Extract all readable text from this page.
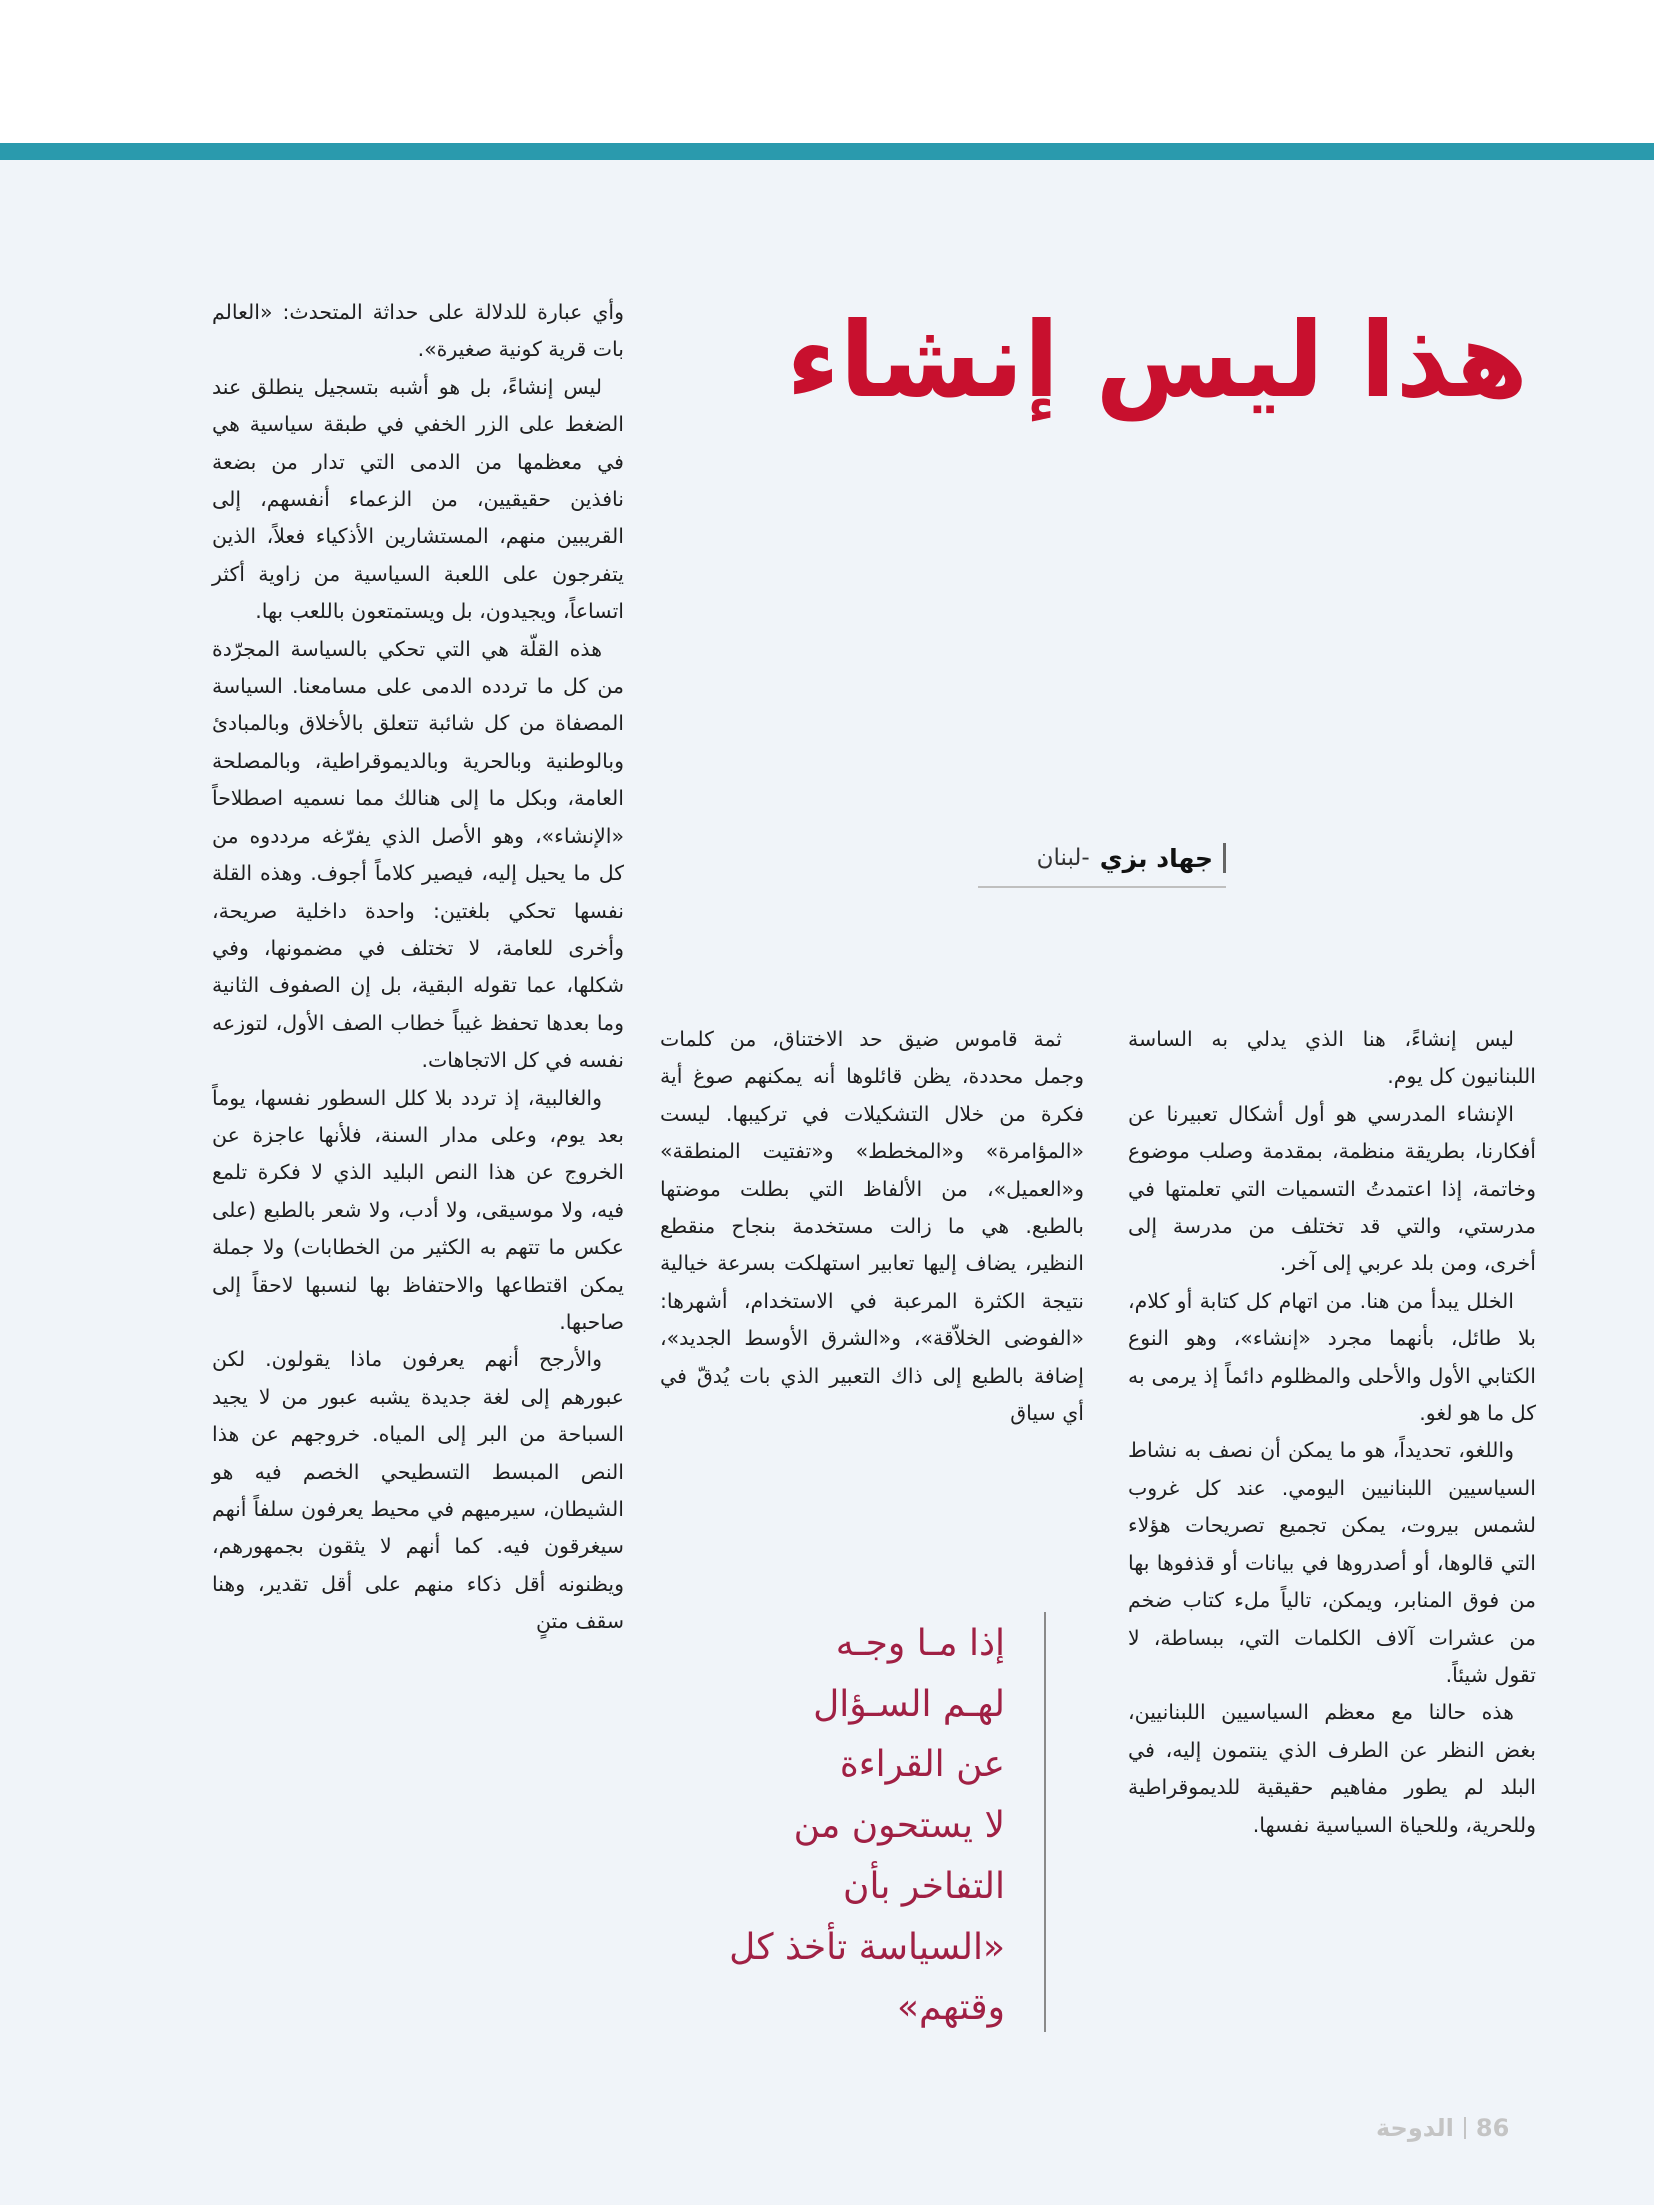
هذا ليس إنشاء
جهاد بزي
-لبنان

وأي عبارة للدلالة على حداثة المتحدث: «العالم بات قرية كونية صغيرة».

ليس إنشاءً، بل هو أشبه بتسجيل ينطلق عند الضغط على الزر الخفي في طبقة سياسية هي في معظمها من الدمى التي تدار من بضعة نافذين حقيقيين، من الزعماء أنفسهم، إلى القريبين منهم، المستشارين الأذكياء فعلاً، الذين يتفرجون على اللعبة السياسية من زاوية أكثر اتساعاً، ويجيدون، بل ويستمتعون باللعب بها.

هذه القلّة هي التي تحكي بالسياسة المجرّدة من كل ما تردده الدمى على مسامعنا. السياسة المصفاة من كل شائبة تتعلق بالأخلاق وبالمبادئ وبالوطنية وبالحرية وبالديموقراطية، وبالمصلحة العامة، وبكل ما إلى هنالك مما نسميه اصطلاحاً «الإنشاء»، وهو الأصل الذي يفرّغه مرددوه من كل ما يحيل إليه، فيصير كلاماً أجوف. وهذه القلة نفسها تحكي بلغتين: واحدة داخلية صريحة، وأخرى للعامة، لا تختلف في مضمونها، وفي شكلها، عما تقوله البقية، بل إن الصفوف الثانية وما بعدها تحفظ غيباً خطاب الصف الأول، لتوزعه نفسه في كل الاتجاهات.

والغالبية، إذ تردد بلا كلل السطور نفسها، يوماً بعد يوم، وعلى مدار السنة، فلأنها عاجزة عن الخروج عن هذا النص البليد الذي لا فكرة تلمع فيه، ولا موسيقى، ولا أدب، ولا شعر بالطبع (على عكس ما تتهم به الكثير من الخطابات) ولا جملة يمكن اقتطاعها والاحتفاظ بها لنسبها لاحقاً إلى صاحبها.

والأرجح أنهم يعرفون ماذا يقولون. لكن عبورهم إلى لغة جديدة يشبه عبور من لا يجيد السباحة من البر إلى المياه. خروجهم عن هذا النص المبسط التسطيحي الخصم فيه هو الشيطان، سيرميهم في محيط يعرفون سلفاً أنهم سيغرقون فيه. كما أنهم لا يثقون بجمهورهم، ويظنونه أقل ذكاء منهم على أقل تقدير، وهنا سقف متنٍ

ثمة قاموس ضيق حد الاختناق، من كلمات وجمل محددة، يظن قائلوها أنه يمكنهم صوغ أية فكرة من خلال التشكيلات في تركيبها. ليست «المؤامرة» و«المخطط» و«تفتيت المنطقة» و«العميل»، من الألفاظ التي بطلت موضتها بالطبع. هي ما زالت مستخدمة بنجاح منقطع النظير، يضاف إليها تعابير استهلكت بسرعة خيالية نتيجة الكثرة المرعبة في الاستخدام، أشهرها: «الفوضى الخلاّقة»، و«الشرق الأوسط الجديد»، إضافة بالطبع إلى ذاك التعبير الذي بات يُدقّ في أي سياق

ليس إنشاءً، هنا الذي يدلي به الساسة اللبنانيون كل يوم.

الإنشاء المدرسي هو أول أشكال تعبيرنا عن أفكارنا، بطريقة منظمة، بمقدمة وصلب موضوع وخاتمة، إذا اعتمدتُ التسميات التي تعلمتها في مدرستي، والتي قد تختلف من مدرسة إلى أخرى، ومن بلد عربي إلى آخر.

الخلل يبدأ من هنا. من اتهام كل كتابة أو كلام، بلا طائل، بأنهما مجرد «إنشاء»، وهو النوع الكتابي الأول والأحلى والمظلوم دائماً إذ يرمى به كل ما هو لغو.

واللغو، تحديداً، هو ما يمكن أن نصف به نشاط السياسيين اللبنانيين اليومي. عند كل غروب لشمس بيروت، يمكن تجميع تصريحات هؤلاء التي قالوها، أو أصدروها في بيانات أو قذفوها بها من فوق المنابر، ويمكن، تالياً ملء كتاب ضخم من عشرات آلاف الكلمات التي، ببساطة، لا تقول شيئاً.

هذه حالنا مع معظم السياسيين اللبنانيين، بغض النظر عن الطرف الذي ينتمون إليه، في البلد لم يطور مفاهيم حقيقية للديموقراطية وللحرية، وللحياة السياسية نفسها.

إذا مـا وجـه
لهـم السـؤال
عن القراءة
لا يستحون من
التفاخر بأن
«السياسة تأخذ كل
وقتهم»
86
الدوحة
